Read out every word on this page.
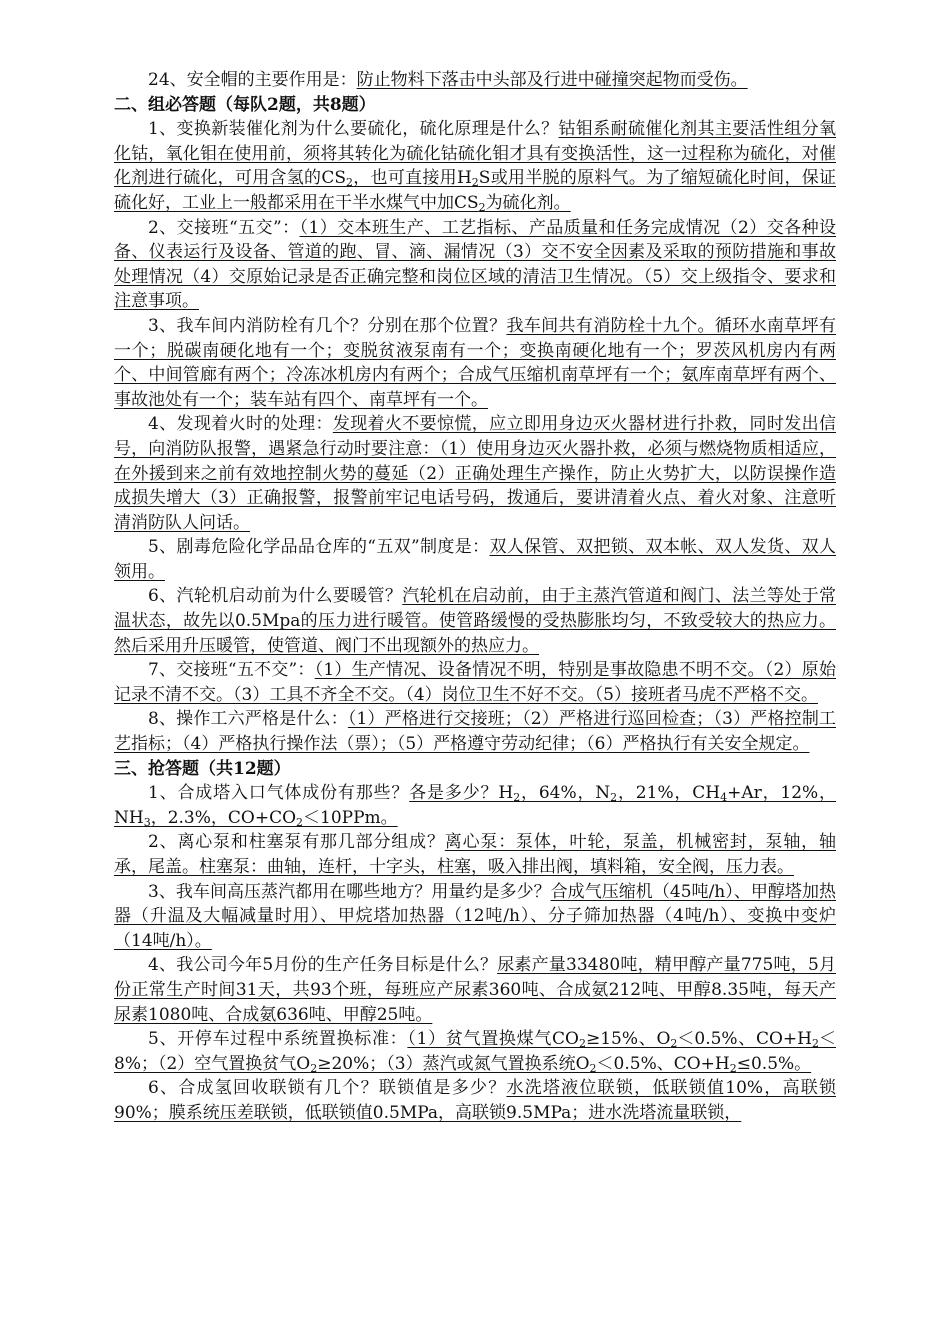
24、安全帽的主要作用是：防止物料下落击中头部及行进中碰撞突起物而受伤。

二、组必答题（每队2题，共8题）

1、变换新装催化剂为什么要硫化，硫化原理是什么？钴钼系耐硫催化剂其主要活性组分氧化钴，氧化钼在使用前，须将其转化为硫化钴硫化钼才具有变换活性，这一过程称为硫化，对催化剂进行硫化，可用含氢的$CS_2$，也可直接用$H_2S$或用半脱的原料气。为了缩短硫化时间，保证硫化好，工业上一般都采用在干半水煤气中加$CS_2$为硫化剂。

2、交接班“五交”：（1）交本班生产、工艺指标、产品质量和任务完成情况（2）交各种设备、仪表运行及设备、管道的跑、冒、滴、漏情况（3）交不安全因素及采取的预防措施和事故处理情况（4）交原始记录是否正确完整和岗位区域的清洁卫生情况。（5）交上级指令、要求和注意事项。

3、我车间内消防栓有几个？分别在那个位置？我车间共有消防栓十九个。循环水南草坪有一个；脱碳南硬化地有一个；变脱贫液泵南有一个；变换南硬化地有一个；罗茨风机房内有两个、中间管廊有两个；冷冻冰机房内有两个；合成气压缩机南草坪有一个；氨库南草坪有两个、事故池处有一个；装车站有四个、南草坪有一个。

4、发现着火时的处理：发现着火不要惊慌，应立即用身边灭火器材进行扑救，同时发出信号，向消防队报警，遇紧急行动时要注意：（1）使用身边灭火器扑救，必须与燃烧物质相适应，在外援到来之前有效地控制火势的蔓延（2）正确处理生产操作，防止火势扩大，以防误操作造成损失增大（3）正确报警，报警前牢记电话号码，拨通后，要讲清着火点、着火对象、注意听清消防队人问话。

5、剧毒危险化学品品仓库的“五双”制度是：双人保管、双把锁、双本帐、双人发货、双人领用。

6、汽轮机启动前为什么要暖管？汽轮机在启动前，由于主蒸汽管道和阀门、法兰等处于常温状态，故先以0.5Mpa的压力进行暖管。使管路缓慢的受热膨胀均匀，不致受较大的热应力。然后采用升压暖管，使管道、阀门不出现额外的热应力。

7、交接班“五不交”：（1）生产情况、设备情况不明，特别是事故隐患不明不交。（2）原始记录不清不交。（3）工具不齐全不交。（4）岗位卫生不好不交。（5）接班者马虎不严格不交。

8、操作工六严格是什么：（1）严格进行交接班；（2）严格进行巡回检查；（3）严格控制工艺指标；（4）严格执行操作法（票）；（5）严格遵守劳动纪律；（6）严格执行有关安全规定。

三、抢答题（共12题）

1、合成塔入口气体成份有那些？各是多少？$H_2$，64%，$N_2$，21%，$CH_4+Ar$，12%，$NH_3$，2.3%，$CO+CO_2<10PPm$。

2、离心泵和柱塞泵有那几部分组成？离心泵：泵体，叶轮，泵盖，机械密封，泵轴，轴承，尾盖。柱塞泵：曲轴，连杆，十字头，柱塞，吸入排出阀，填料箱，安全阀，压力表。

3、我车间高压蒸汽都用在哪些地方？用量约是多少？合成气压缩机（45吨/h）、甲醇塔加热器（升温及大幅减量时用）、甲烷塔加热器（12吨/h）、分子筛加热器（4吨/h）、变换中变炉（14吨/h）。

4、我公司今年5月份的生产任务目标是什么？尿素产量33480吨，精甲醇产量775吨，5月份正常生产时间31天，共93个班，每班应产尿素360吨、合成氨212吨、甲醇8.35吨，每天产尿素1080吨、合成氨636吨、甲醇25吨。

5、开停车过程中系统置换标准：（1）贫气置换煤气$CO_2\ge 15\%$、$O_2<0.5\%$、$CO+H_2<8\%$；（2）空气置换贫气$O_2\ge 20\%$；（3）蒸汽或氮气置换系统$O_2<0.5\%$、$CO+H_2\le 0.5\%$。

6、合成氢回收联锁有几个？联锁值是多少？水洗塔液位联锁，低联锁值10%，高联锁90%；膜系统压差联锁，低联锁值0.5MPa，高联锁9.5MPa；进水洗塔流量联锁，
